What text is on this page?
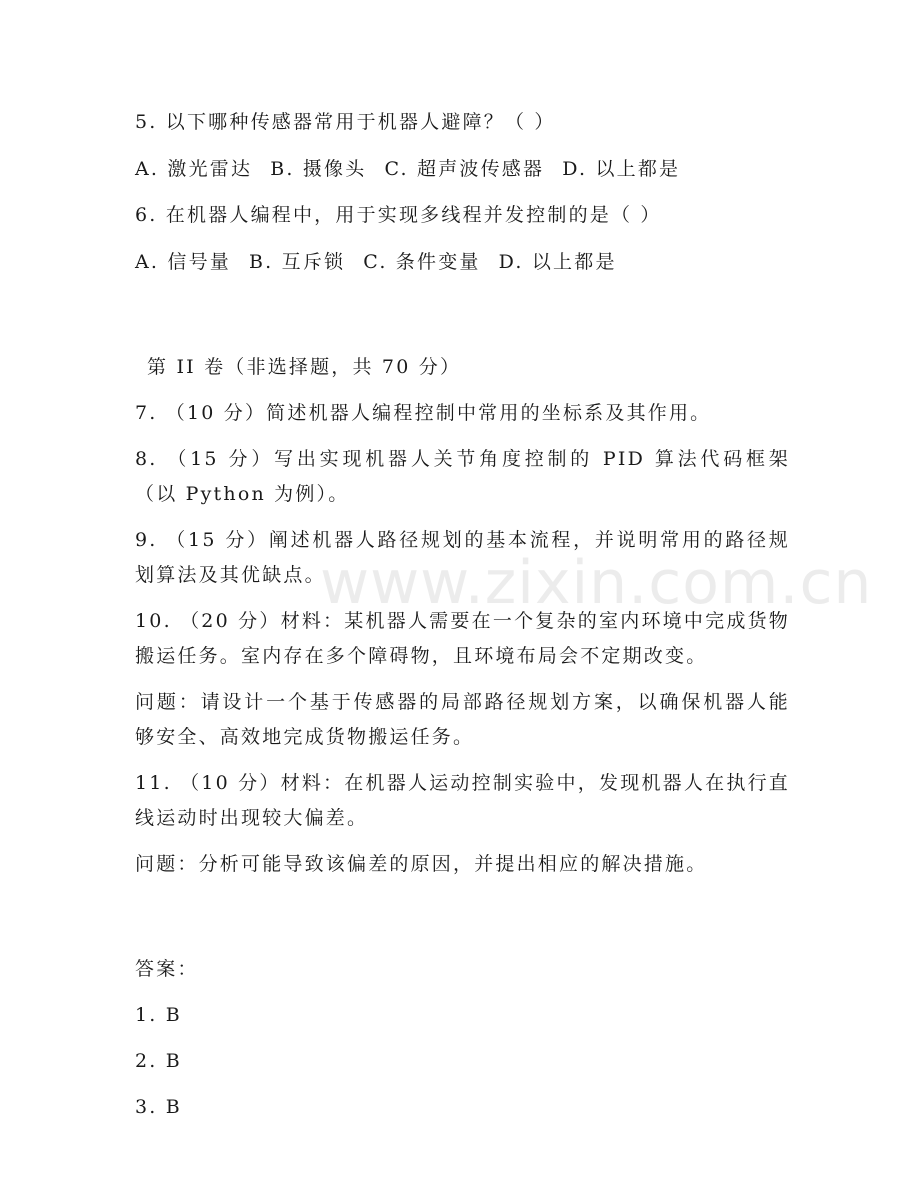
www.zixin.com.cn

5. 以下哪种传感器常用于机器人避障？（ ）

A. 激光雷达 B. 摄像头 C. 超声波传感器 D. 以上都是

6. 在机器人编程中，用于实现多线程并发控制的是（ ）

A. 信号量 B. 互斥锁 C. 条件变量 D. 以上都是

第 II 卷（非选择题，共 70 分）

7. （10 分）简述机器人编程控制中常用的坐标系及其作用。

8. （15 分）写出实现机器人关节角度控制的 PID 算法代码框架（以 Python 为例）。

9. （15 分）阐述机器人路径规划的基本流程，并说明常用的路径规划算法及其优缺点。

10. （20 分）材料：某机器人需要在一个复杂的室内环境中完成货物搬运任务。室内存在多个障碍物，且环境布局会不定期改变。

问题：请设计一个基于传感器的局部路径规划方案，以确保机器人能够安全、高效地完成货物搬运任务。

11. （10 分）材料：在机器人运动控制实验中，发现机器人在执行直线运动时出现较大偏差。

问题：分析可能导致该偏差的原因，并提出相应的解决措施。

答案：

1. B

2. B

3. B
